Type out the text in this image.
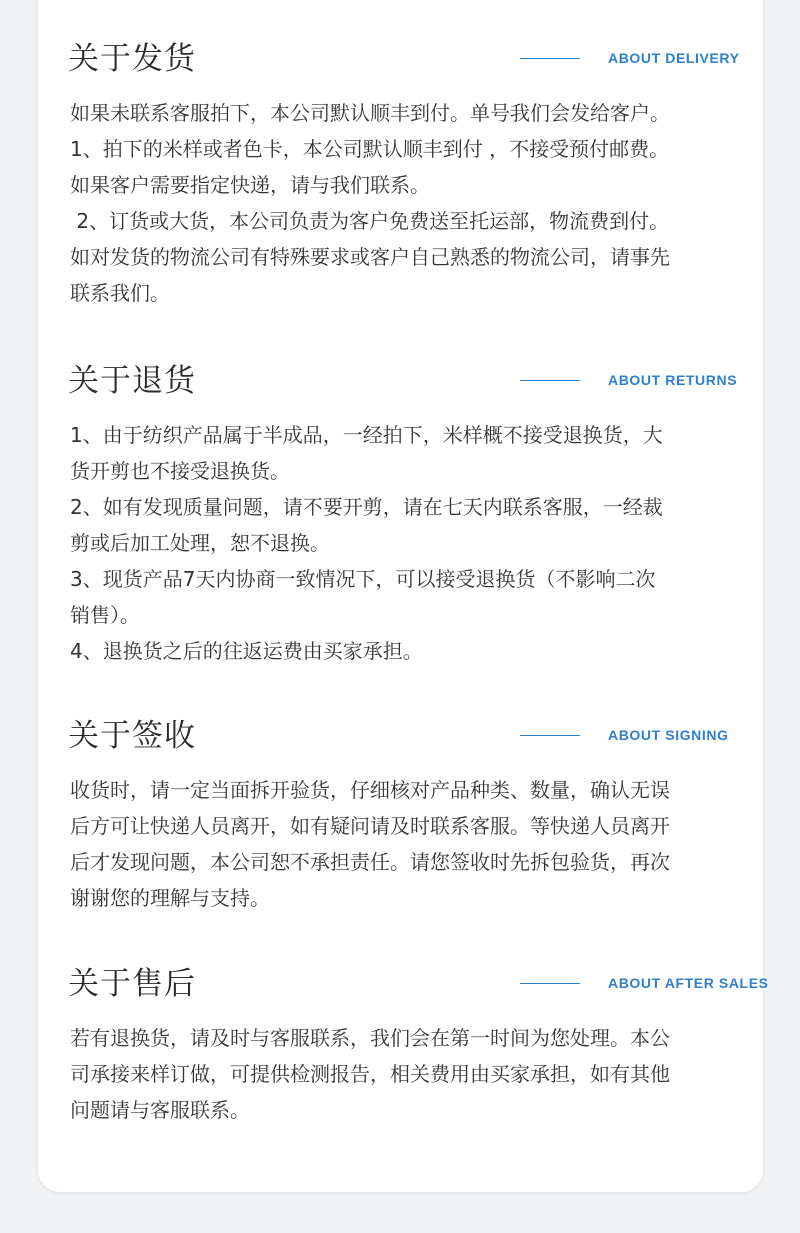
关于发货	ABOUT DELIVERY

如果未联系客服拍下，本公司默认顺丰到付。单号我们会发给客户。

1、拍下的米样或者色卡，本公司默认顺丰到付 ，不接受预付邮费。

如果客户需要指定快递，请与我们联系。

2、订货或大货，本公司负责为客户免费送至托运部，物流费到付。

如对发货的物流公司有特殊要求或客户自己熟悉的物流公司，请事先

联系我们。

关于退货	ABOUT RETURNS

1、由于纺织产品属于半成品，一经拍下，米样概不接受退换货，大

货开剪也不接受退换货。

2、如有发现质量问题，请不要开剪，请在七天内联系客服，一经裁

剪或后加工处理，恕不退换。

3、现货产品7天内协商一致情况下，可以接受退换货（不影响二次

销售）。

4、退换货之后的往返运费由买家承担。

关于签收	ABOUT SIGNING

收货时，请一定当面拆开验货，仔细核对产品种类、数量，确认无误

后方可让快递人员离开，如有疑问请及时联系客服。等快递人员离开

后才发现问题，本公司恕不承担责任。请您签收时先拆包验货，再次

谢谢您的理解与支持。

关于售后	ABOUT AFTER SALES

若有退换货，请及时与客服联系，我们会在第一时间为您处理。本公

司承接来样订做，可提供检测报告，相关费用由买家承担，如有其他

问题请与客服联系。
